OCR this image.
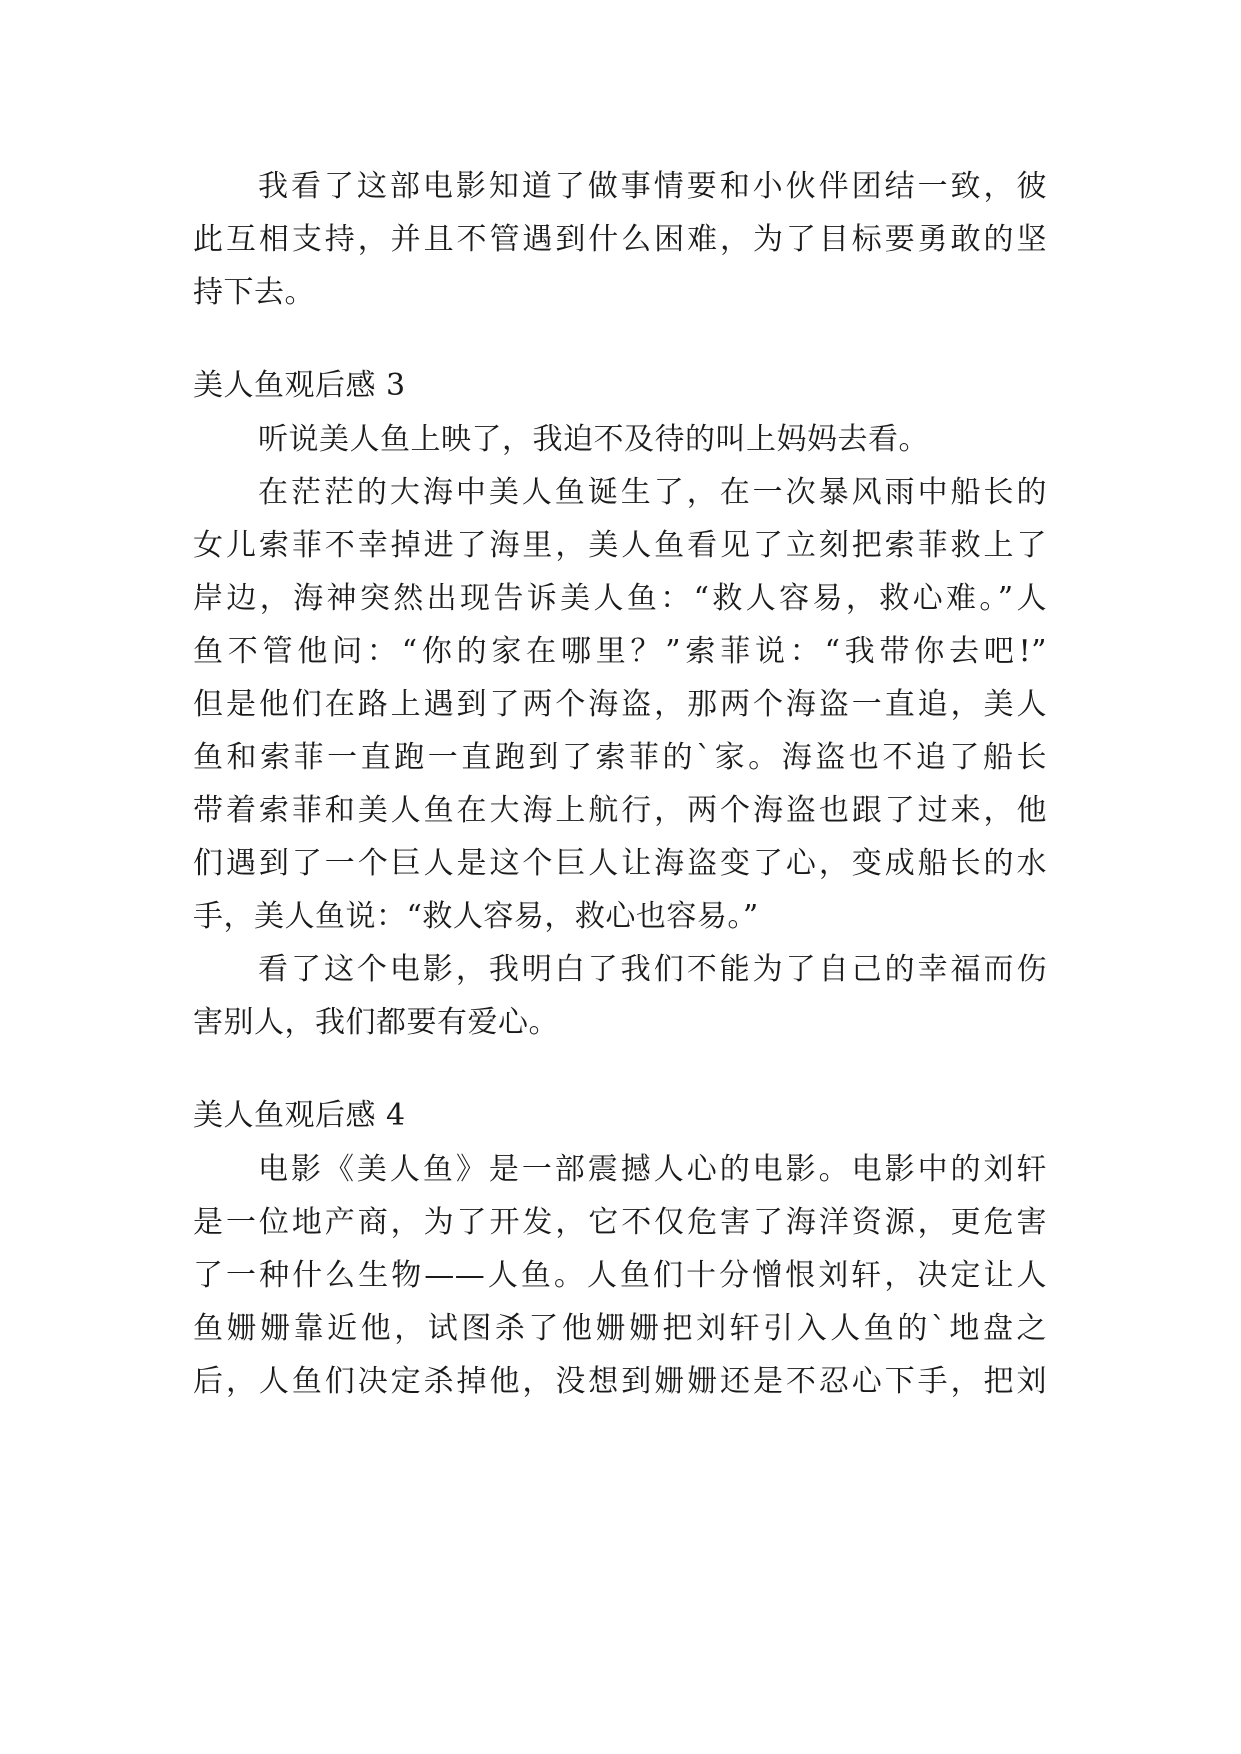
我看了这部电影知道了做事情要和小伙伴团结一致，彼
此互相支持，并且不管遇到什么困难，为了目标要勇敢的坚
持下去。
美人鱼观后感 3
听说美人鱼上映了，我迫不及待的叫上妈妈去看。
在茫茫的大海中美人鱼诞生了，在一次暴风雨中船长的
女儿索菲不幸掉进了海里，美人鱼看见了立刻把索菲救上了
岸边，海神突然出现告诉美人鱼：“救人容易，救心难。”人
鱼不管他问：“你的家在哪里？”索菲说：“我带你去吧!”
但是他们在路上遇到了两个海盗，那两个海盗一直追，美人
鱼和索菲一直跑一直跑到了索菲的`家。海盗也不追了船长
带着索菲和美人鱼在大海上航行，两个海盗也跟了过来，他
们遇到了一个巨人是这个巨人让海盗变了心，变成船长的水
手，美人鱼说：“救人容易，救心也容易。”
看了这个电影，我明白了我们不能为了自己的幸福而伤
害别人，我们都要有爱心。
美人鱼观后感 4
电影《美人鱼》是一部震撼人心的电影。电影中的刘轩
是一位地产商，为了开发，它不仅危害了海洋资源，更危害
了一种什么生物——人鱼。人鱼们十分憎恨刘轩，决定让人
鱼姗姗靠近他，试图杀了他姗姗把刘轩引入人鱼的`地盘之
后，人鱼们决定杀掉他，没想到姗姗还是不忍心下手，把刘
